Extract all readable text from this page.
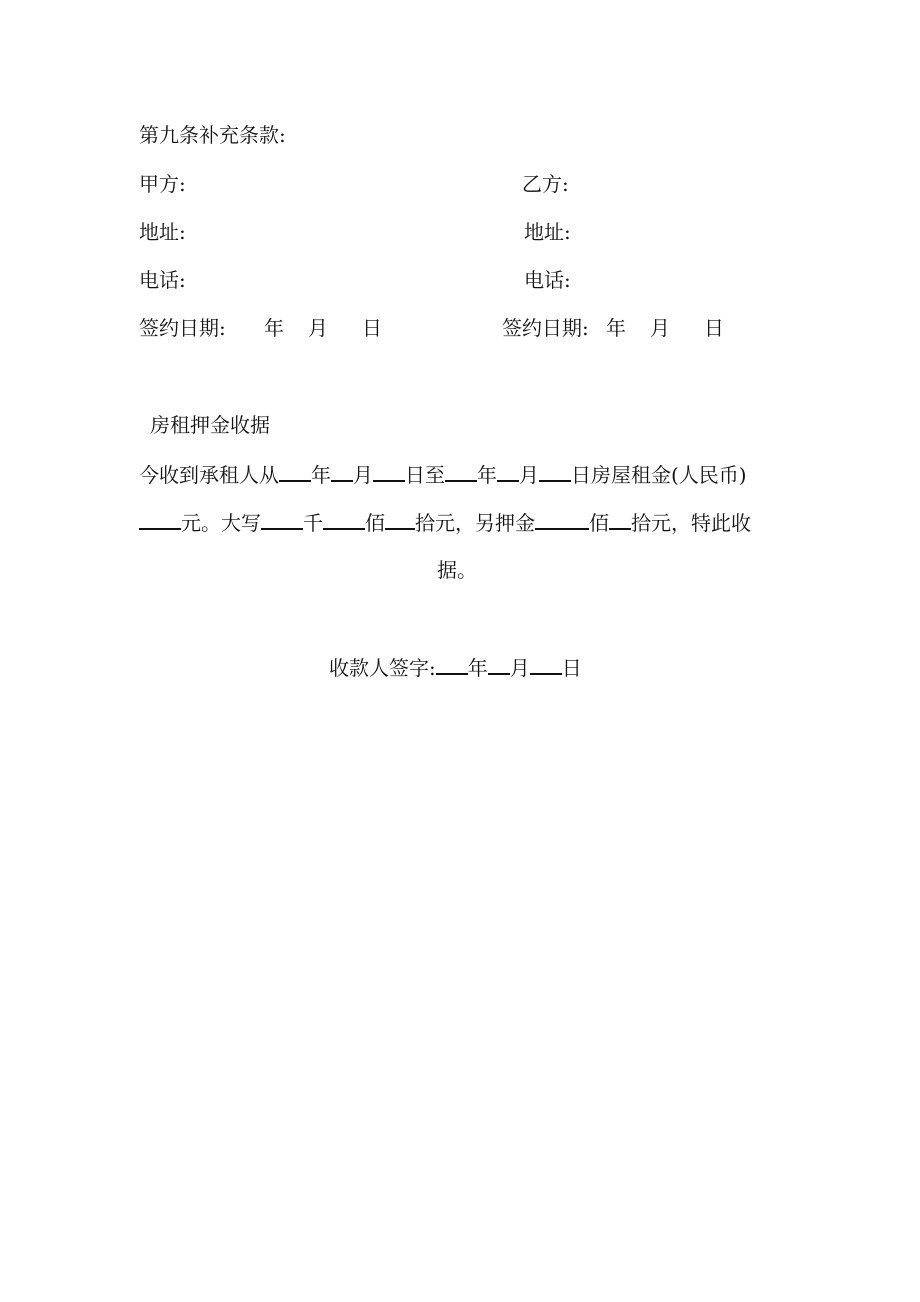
第九条补充条款:

甲方:

地址:

电话:

签约日期: 年 月 日

乙方:

地址:

电话:

签约日期: 年 月 日

房租押金收据

今收到承租人从 年 月 日至 年 月 日房屋租金(人民币)

元。大写 千 佰 拾元，另押金	佰 拾元，特此收

据。

收款人签字: 年 月 日
